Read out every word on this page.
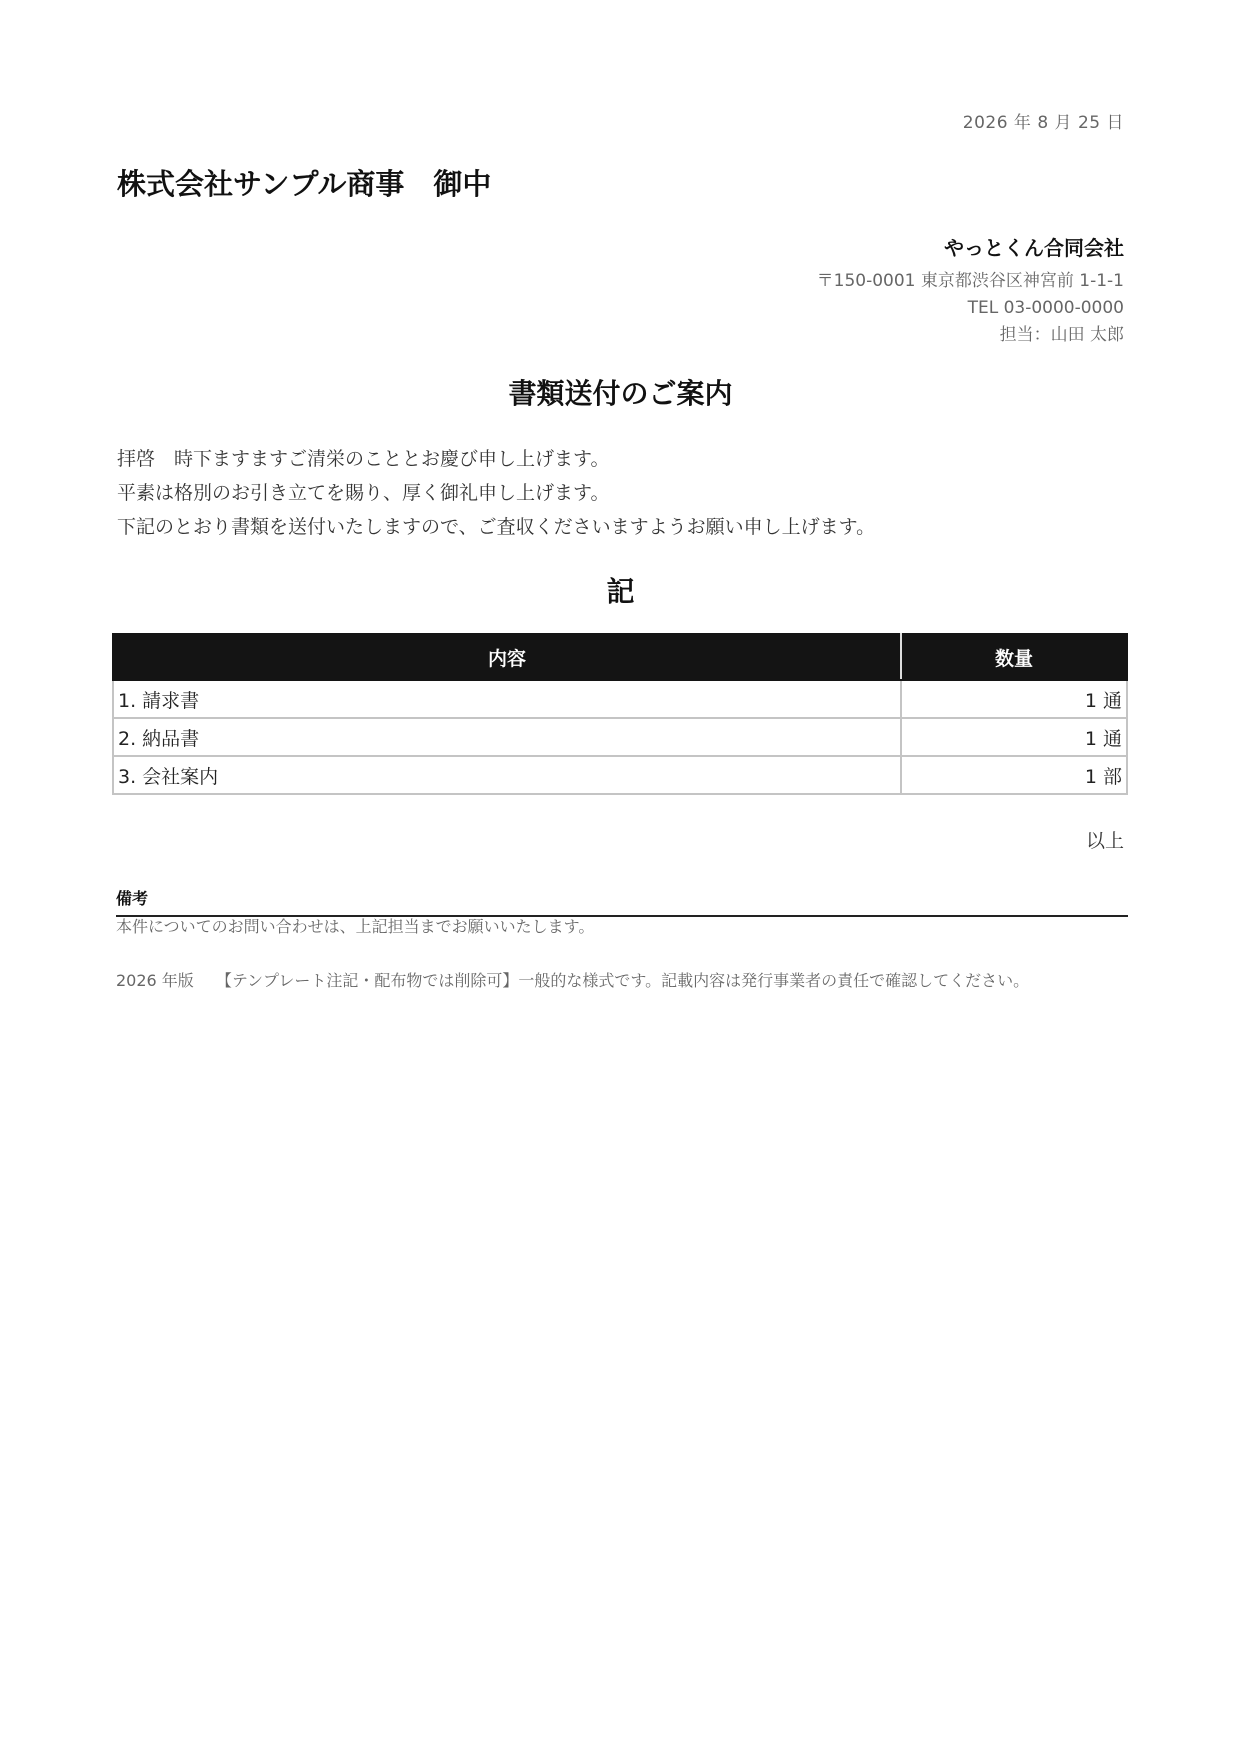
2026 年 8 月 25 日
株式会社サンプル商事　御中
やっとくん合同会社
〒150-0001 東京都渋谷区神宮前 1-1-1
TEL 03-0000-0000
担当：山田 太郎
書類送付のご案内
拝啓　時下ますますご清栄のこととお慶び申し上げます。
平素は格別のお引き立てを賜り、厚く御礼申し上げます。
下記のとおり書類を送付いたしますので、ご査収くださいますようお願い申し上げます。
記
内容	数量
1. 請求書	1 通
2. 納品書	1 通
3. 会社案内	1 部
以上
備考
本件についてのお問い合わせは、上記担当までお願いいたします。
2026 年版 【テンプレート注記・配布物では削除可】一般的な様式です。記載内容は発行事業者の責任で確認してください。
